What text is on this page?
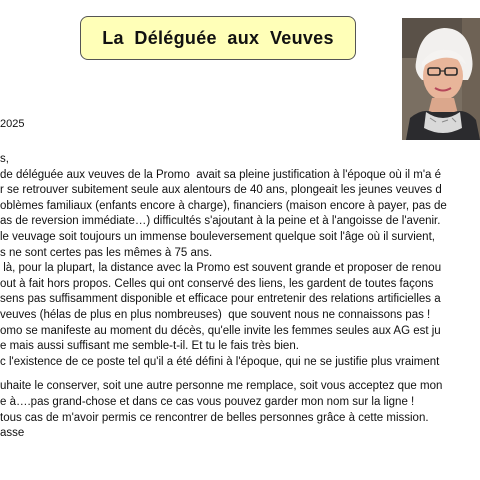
La  Déléguée  aux  Veuves
2025
s,
de déléguée aux veuves de la Promo  avait sa pleine justification à l'époque où il m'a é
r se retrouver subitement seule aux alentours de 40 ans, plongeait les jeunes veuves d
oblèmes familiaux (enfants encore à charge), financiers (maison encore à payer, pas de
as de reversion immédiate…) difficultés s'ajoutant à la peine et à l'angoisse de l'avenir.
le veuvage soit toujours un immense bouleversement quelque soit l'âge où il survient,
s ne sont certes pas les mêmes à 75 ans.
là, pour la plupart, la distance avec la Promo est souvent grande et proposer de renou
out à fait hors propos. Celles qui ont conservé des liens, les gardent de toutes façons
sens pas suffisamment disponible et efficace pour entretenir des relations artificielles a
veuves (hélas de plus en plus nombreuses)  que souvent nous ne connaissons pas !
omo se manifeste au moment du décès, qu'elle invite les femmes seules aux AG est ju
e mais aussi suffisant me semble-t-il. Et tu le fais très bien.
c l'existence de ce poste tel qu'il a été défini à l'époque, qui ne se justifie plus vraiment
uhaite le conserver, soit une autre personne me remplace, soit vous acceptez que mon
e à….pas grand-chose et dans ce cas vous pouvez garder mon nom sur la ligne !
tous cas de m'avoir permis ce rencontrer de belles personnes grâce à cette mission.
asse
